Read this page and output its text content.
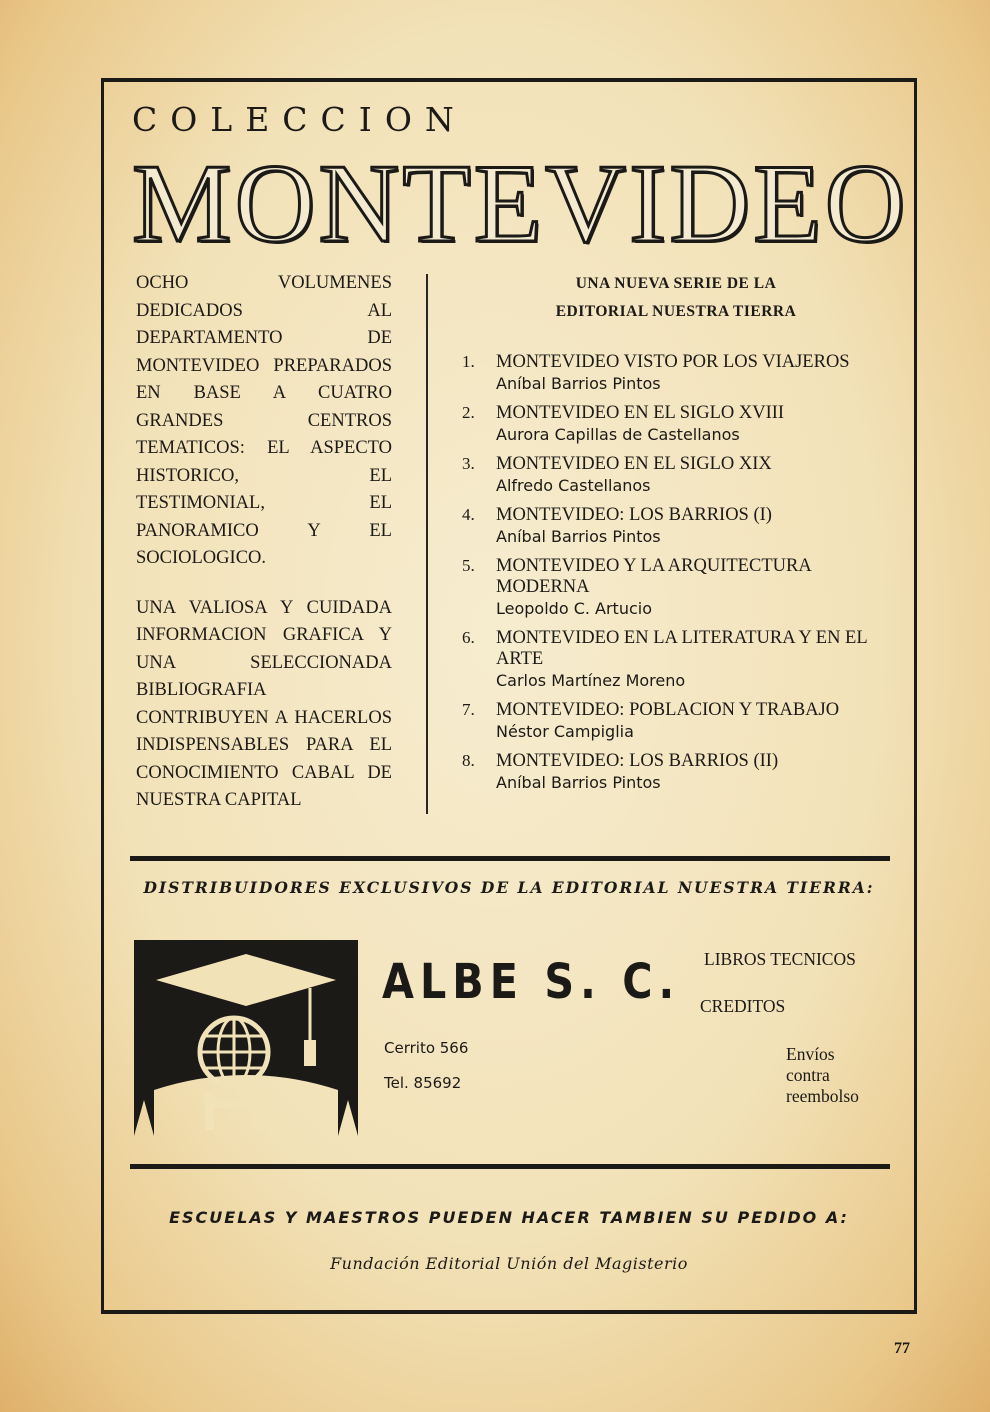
COLECCION
MONTEVIDEO

OCHO VOLUMENES DEDICADOS AL DEPARTAMENTO DE MONTEVIDEO PREPARADOS EN BASE A CUATRO GRANDES CENTROS TEMATICOS: EL ASPECTO HISTORICO, EL TESTIMONIAL, EL PANORAMICO Y EL SOCIOLOGICO.

UNA VALIOSA Y CUIDADA INFORMACION GRAFICA Y UNA SELECCIONADA BIBLIOGRAFIA CONTRIBUYEN A HACERLOS INDISPENSABLES PARA EL CONOCIMIENTO CABAL DE NUESTRA CAPITAL

UNA NUEVA SERIE DE LA
EDITORIAL NUESTRA TIERRA
1. MONTEVIDEO VISTO POR LOS VIAJEROS
Aníbal Barrios Pintos
2. MONTEVIDEO EN EL SIGLO XVIII
Aurora Capillas de Castellanos
3. MONTEVIDEO EN EL SIGLO XIX
Alfredo Castellanos
4. MONTEVIDEO: LOS BARRIOS (I)
Aníbal Barrios Pintos
5. MONTEVIDEO Y LA ARQUITECTURA MODERNA
Leopoldo C. Artucio
6. MONTEVIDEO EN LA LITERATURA Y EN EL ARTE
Carlos Martínez Moreno
7. MONTEVIDEO: POBLACION Y TRABAJO
Néstor Campiglia
8. MONTEVIDEO: LOS BARRIOS (II)
Aníbal Barrios Pintos
DISTRIBUIDORES EXCLUSIVOS DE LA EDITORIAL NUESTRA TIERRA:
ALBE S. C.
Cerrito 566
Tel. 85692
LIBROS TECNICOS
CREDITOS
Envíos
contra
reembolso
ESCUELAS Y MAESTROS PUEDEN HACER TAMBIEN SU PEDIDO A:
Fundación Editorial Unión del Magisterio
77
